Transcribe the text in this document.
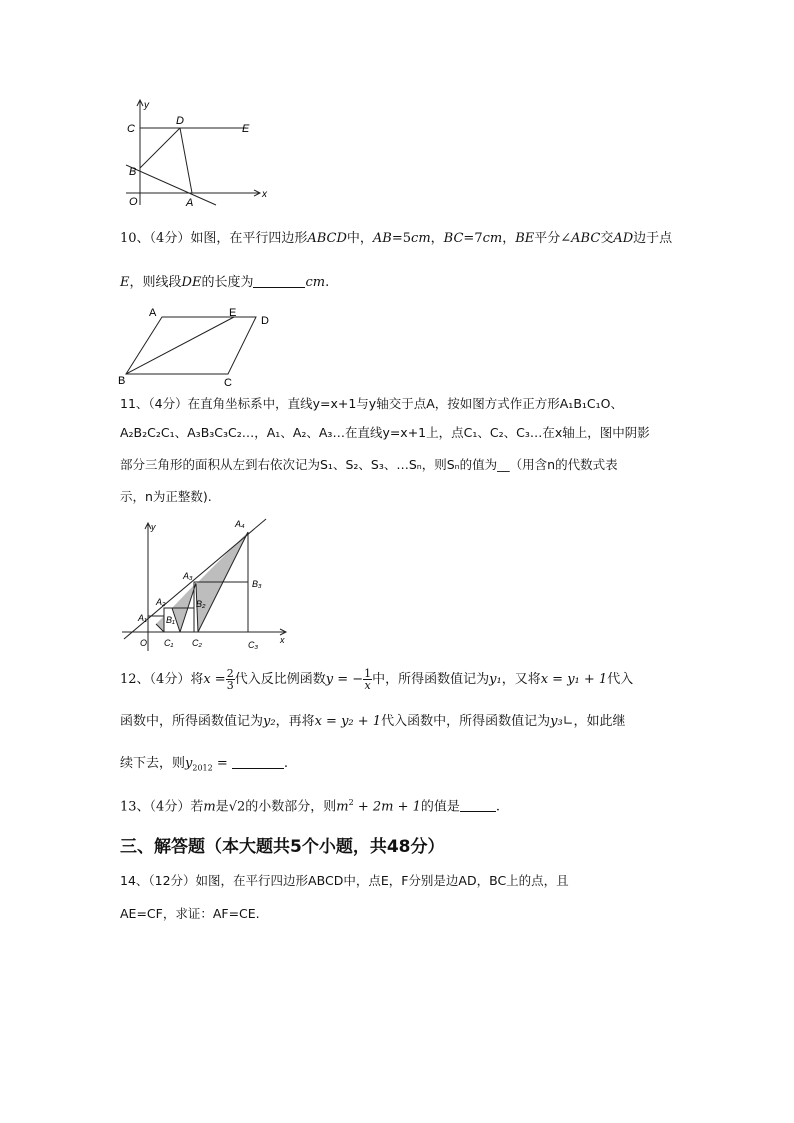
y
x
C
D
E
B
O	A
10、（4分）如图，在平行四边形ABCD中，AB=5cm，BC=7cm，BE平分∠ABC交AD边于点
E，则线段DE的长度为	cm.
A	E
D
B	C
11、（4分）在直角坐标系中，直线y=x+1与y轴交于点A，按如图方式作正方形A₁B₁C₁O、
A₂B₂C₂C₁、A₃B₃C₃C₂…，A₁、A₂、A₃…在直线y=x+1上，点C₁、C₂、C₃…在x轴上，图中阴影
部分三角形的面积从左到右依次记为S₁、S₂、S₃、…Sₙ，则Sₙ的值为__（用含n的代数式表
示，n为正整数).
y
x
O
A₁
A₂
A₃
A₄
B₁
B₂
B₃
C₁ C₂	C₃
12、（4分）将$x = \frac{2}{3}$ 代入反比例函数y = − $\frac{1}{x}$ 中，所得函数值记为y₁，又将x = y₁ + 1代入
函数中，所得函数值记为y₂，再将x = y₂ + 1代入函数中，所得函数值记为y₃∟，如此继
续下去，则$y_{2012}$ =	.
13、（4分）若m是√2的小数部分，则$m^2 + 2m + 1$的值是	.
三、解答题（本大题共5个小题，共48分）
14、（12分）如图，在平行四边形ABCD中，点E，F分别是边AD，BC上的点，且
AE=CF，求证：AF=CE.
